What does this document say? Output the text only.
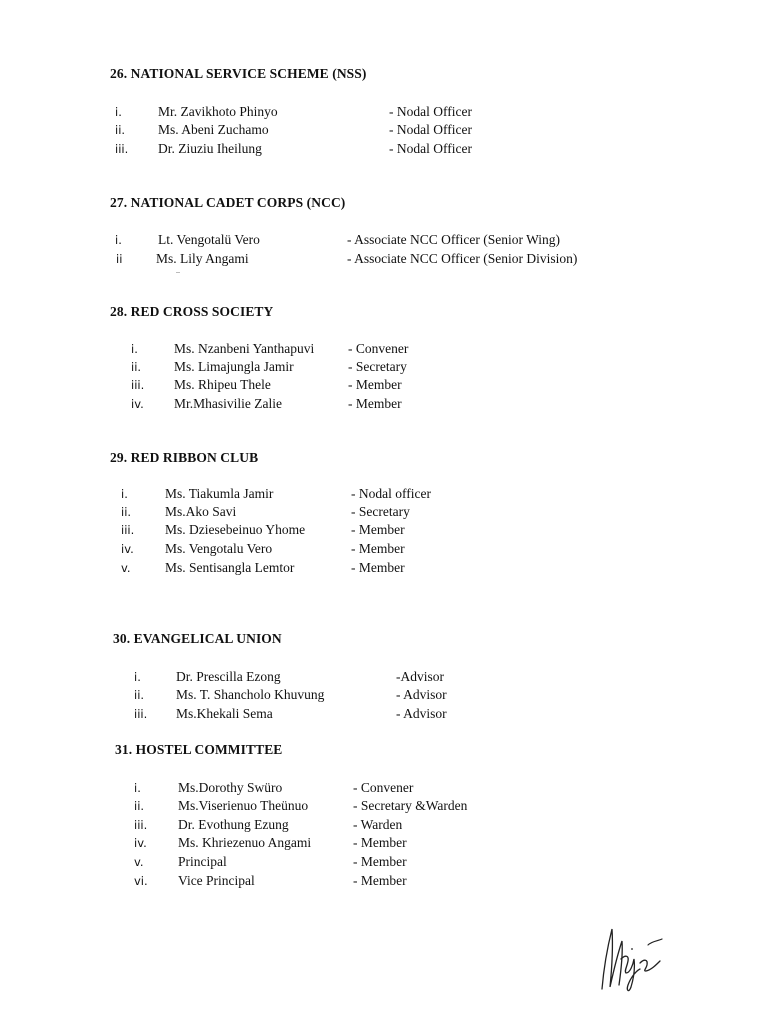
26. NATIONAL SERVICE SCHEME (NSS)
i.	Mr. Zavikhoto Phinyo	- Nodal Officer
ii. Ms. Abeni Zuchamo	- Nodal Officer
iii. Dr. Ziuziu Iheilung	- Nodal Officer
27. NATIONAL CADET CORPS (NCC)
i.	Lt. Vengotalü Vero	- Associate NCC Officer (Senior Wing)
ii Ms. Lily Angami	- Associate NCC Officer (Senior Division)
28. RED CROSS SOCIETY
i.	Ms. Nzanbeni Yanthapuvi	- Convener
ii. Ms. Limajungla Jamir	- Secretary
iii. Ms. Rhipeu Thele	- Member
iv. Mr.Mhasivilie Zalie	- Member
29. RED RIBBON CLUB
i.	Ms. Tiakumla Jamir	- Nodal officer
ii.	Ms.Ako Savi	- Secretary
iii. Ms. Dziesebeinuo Yhome	- Member
iv. Ms. Vengotalu Vero	- Member
v.	Ms. Sentisangla Lemtor	- Member
30. EVANGELICAL UNION
i.	Dr. Prescilla Ezong	-Advisor
ii. Ms. T. Shancholo Khuvung	- Advisor
iii. Ms.Khekali Sema	- Advisor
31. HOSTEL COMMITTEE
i.	Ms.Dorothy Swüro	- Convener
ii.	Ms.Viserienuo Theünuo	- Secretary &Warden
iii. Dr. Evothung Ezung	- Warden
iv. Ms. Khriezenuo Angami	- Member
v.	Principal	- Member
vi. Vice Principal	- Member
